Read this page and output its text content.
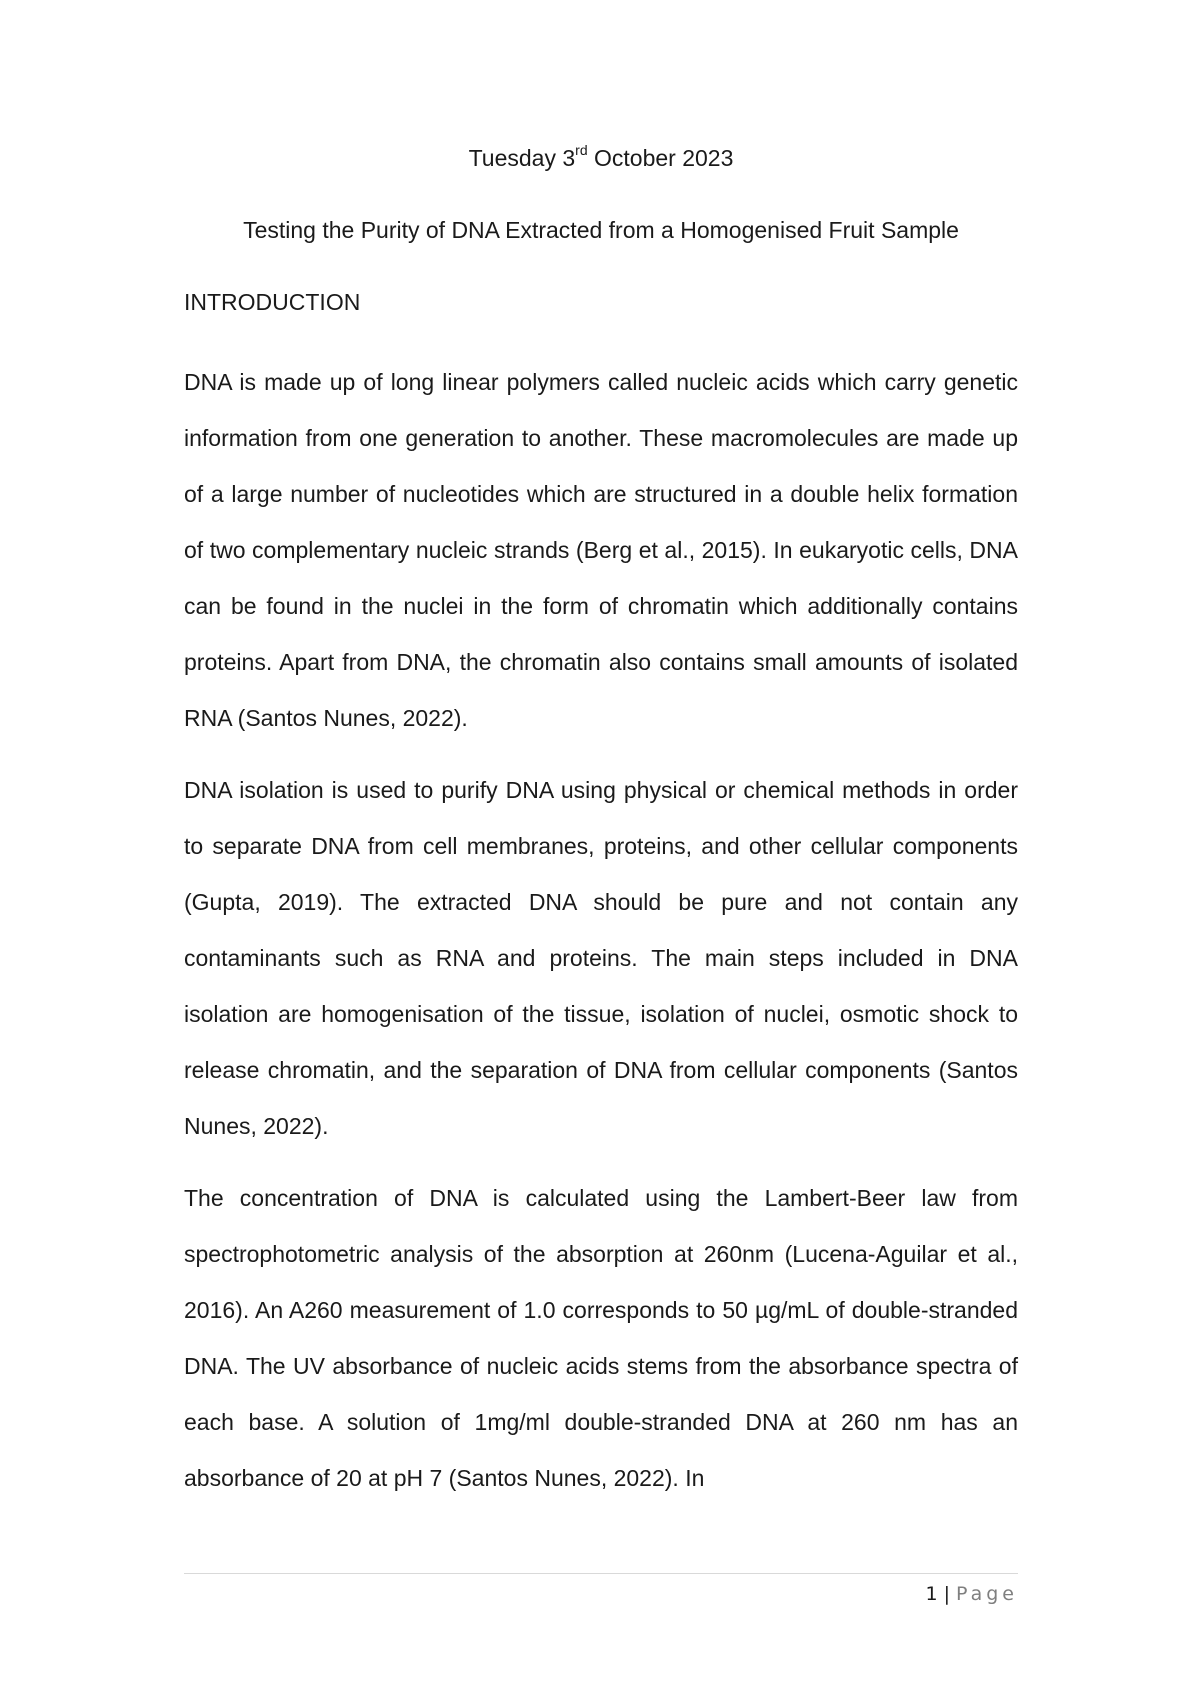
Tuesday 3rd October 2023
Testing the Purity of DNA Extracted from a Homogenised Fruit Sample
INTRODUCTION

DNA is made up of long linear polymers called nucleic acids which carry genetic information from one generation to another. These macromolecules are made up of a large number of nucleotides which are structured in a double helix formation of two complementary nucleic strands (Berg et al., 2015). In eukaryotic cells, DNA can be found in the nuclei in the form of chromatin which additionally contains proteins. Apart from DNA, the chromatin also contains small amounts of isolated RNA (Santos Nunes, 2022).

DNA isolation is used to purify DNA using physical or chemical methods in order to separate DNA from cell membranes, proteins, and other cellular components (Gupta, 2019). The extracted DNA should be pure and not contain any contaminants such as RNA and proteins. The main steps included in DNA isolation are homogenisation of the tissue, isolation of nuclei, osmotic shock to release chromatin, and the separation of DNA from cellular components (Santos Nunes, 2022).

The concentration of DNA is calculated using the Lambert-Beer law from spectrophotometric analysis of the absorption at 260nm (Lucena-Aguilar et al., 2016). An A260 measurement of 1.0 corresponds to 50 µg/mL of double-stranded DNA. The UV absorbance of nucleic acids stems from the absorbance spectra of each base. A solution of 1mg/ml double-stranded DNA at 260 nm has an absorbance of 20 at pH 7 (Santos Nunes, 2022). In

1 | Page
